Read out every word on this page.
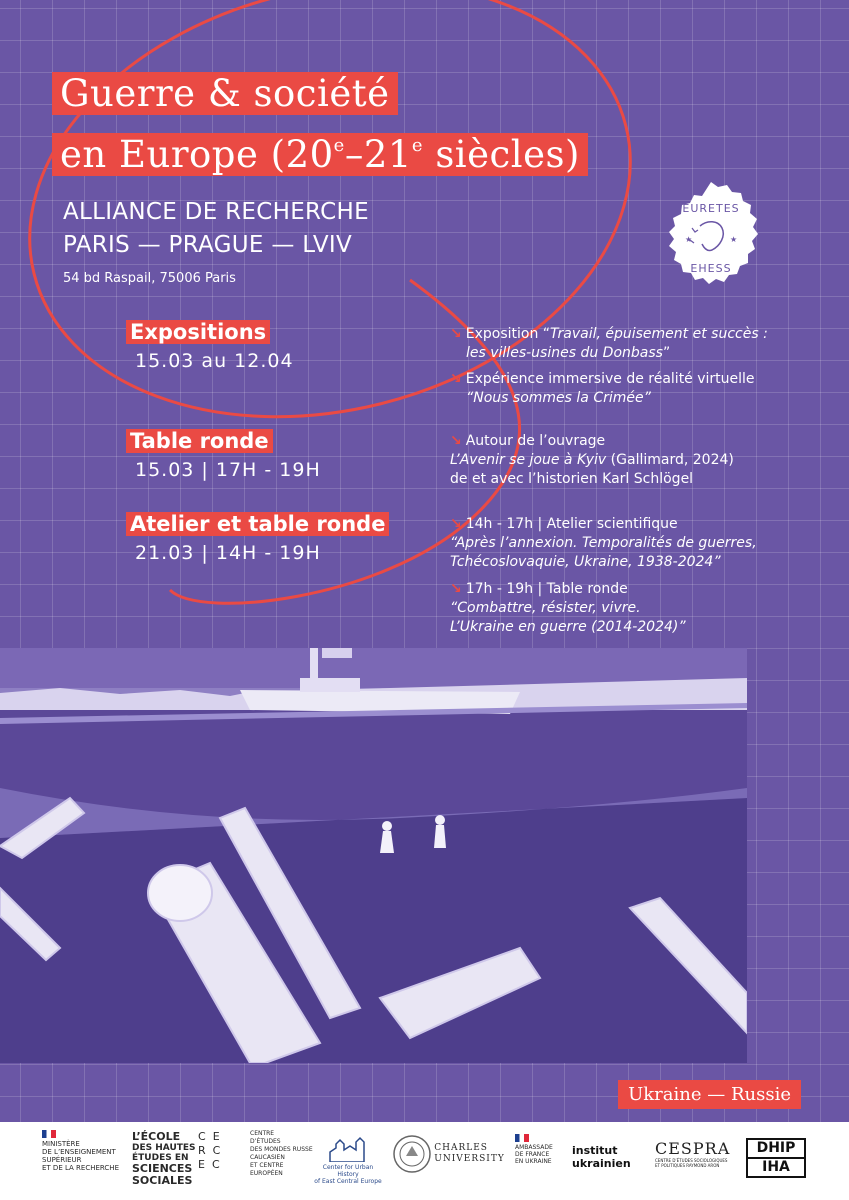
Guerre & société
en Europe (20e–21e siècles)
ALLIANCE DE RECHERCHE
PARIS — PRAGUE — LVIV
54 bd Raspail, 75006 Paris
EURETES
EHESS
★	★
Expositions
15.03 au 12.04
Table ronde
15.03 | 17H - 19H
Atelier et table ronde
21.03 | 14H - 19H
↘ Exposition “Travail, épuisement et succès :
les villes-usines du Donbass”
↘ Expérience immersive de réalité virtuelle
“Nous sommes la Crimée”
↘ Autour de l’ouvrage
L’Avenir se joue à Kyiv (Gallimard, 2024)
de et avec l’historien Karl Schlögel
↘ 14h - 17h | Atelier scientifique
“Après l’annexion. Temporalités de guerres,
Tchécoslovaquie, Ukraine, 1938-2024”
↘ 17h - 19h | Table ronde
“Combattre, résister, vivre.
L’Ukraine en guerre (2014-2024)”
Ukraine — Russie
MINISTÈRE
DE L’ENSEIGNEMENT
SUPÉRIEUR
ET DE LA RECHERCHE
L’ÉCOLE
DES HAUTES
ÉTUDES EN
SCIENCES
SOCIALES
C E
R C
E C
CENTRE
D’ÉTUDES
DES MONDES RUSSE
CAUCASIEN
ET CENTRE
EUROPÉEN
Center for Urban History
of East Central Europe
CHARLES
UNIVERSITY
AMBASSADE
DE FRANCE
EN UKRAINE
institut
ukrainien
CESPRA
CENTRE D’ÉTUDES SOCIOLOGIQUES
ET POLITIQUES RAYMOND ARON
DHIP
IHA
